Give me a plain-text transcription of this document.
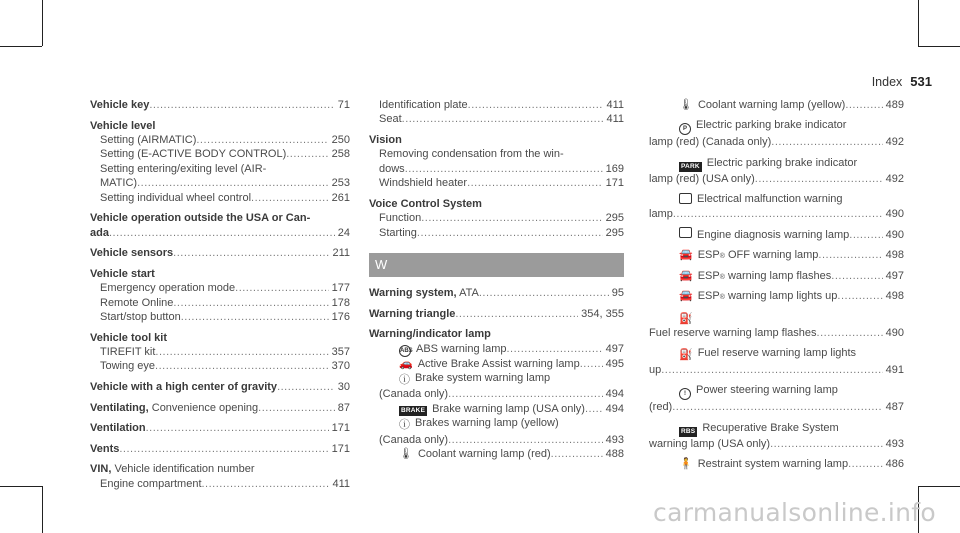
Index 531
Vehicle key .....	71
Vehicle level
Setting (AIRMATIC) .....	250
Setting (E-ACTIVE BODY CONTROL) .....	258
Setting entering/exiting level (AIR-
MATIC) .....	253
Setting individual wheel control .....	261
Vehicle operation outside the USA or Can-
ada .....	24
Vehicle sensors .....	211
Vehicle start
Emergency operation mode .....	177
Remote Online .....	178
Start/stop button .....	176
Vehicle tool kit
TIREFIT kit .....	357
Towing eye .....	370
Vehicle with a high center of gravity .....	30
Ventilating, Convenience opening .....	87
Ventilation .....	171
Vents .....	171
VIN, Vehicle identification number
Engine compartment .....	411
Identification plate .....	411
Seat .....	411
Vision
Removing condensation from the win-
dows .....	169
Windshield heater .....	171
Voice Control System
Function .....	295
Starting .....	295
W
Warning system, ATA .....	95
Warning triangle .....	354, 355
Warning/indicator lamp
ABS ABS warning lamp .....	497
🚗 Active Brake Assist warning lamp ..... 495
ⓘ Brake system warning lamp
(Canada only) .....	494
BRAKE Brake warning lamp (USA only) ..... 494
ⓘ Brakes warning lamp (yellow)
(Canada only) .....	493
🌡 Coolant warning lamp (red) .....	488
🌡 Coolant warning lamp (yellow) .....	489
P Electric parking brake indicator
lamp (red) (Canada only) .....	492
PARK Electric parking brake indicator
lamp (red) (USA only) .....	492
Electrical malfunction warning
lamp .....	490
Engine diagnosis warning lamp .....	490
🚘 ESP ® OFF warning lamp .....	498
🚘 ESP ® warning lamp flashes .....	497
🚘 ESP ® warning lamp lights up .....	498
⛽
Fuel reserve warning lamp flashes .....	490
⛽ Fuel reserve warning lamp lights
up .....	491
! Power steering warning lamp
(red) .....	487
RBS Recuperative Brake System
warning lamp (USA only) .....	493
🧍 Restraint system warning lamp .....	486
carmanualsonline.info
